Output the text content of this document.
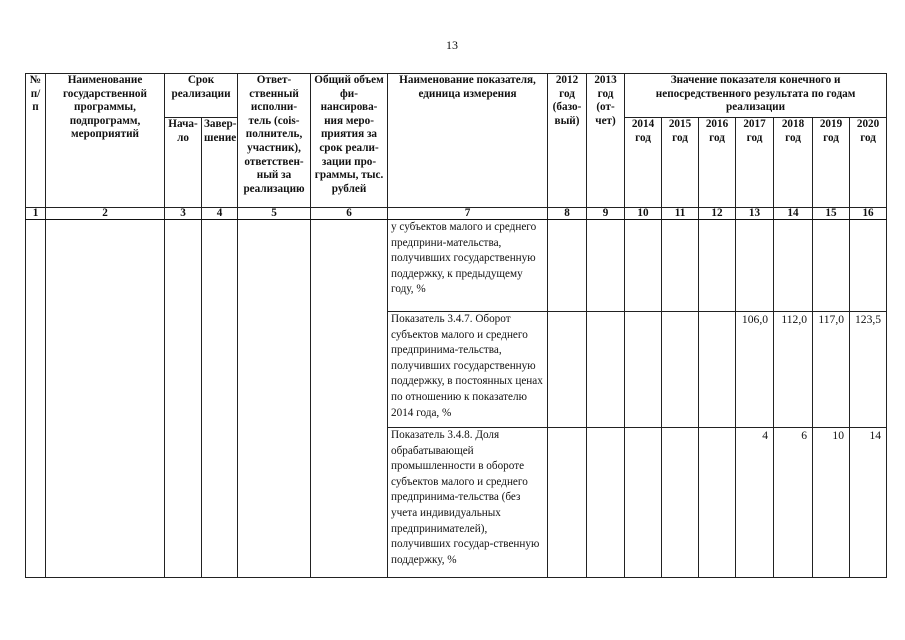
13
№ п/п	Наименование государственной программы, подпрограмм, мероприятий	Срок реализации		Ответ-ственный исполни-тель (сois-полнитель, участник), ответствен-ный за реализацию	Общий объем фи-нансирова-ния меро-приятия за срок реали-зации про-граммы, тыс. рублей	Наименование показателя, единица измерения	2012 год (базо-вый)	2013 год (от-чет)	Значение показателя конечного и непосредственного результата по годам реализации						
		Нача-ло	Завер-шение						2014 год	2015 год	2016 год	2017 год	2018 год	2019 год	2020 год
1	2	3	4	5	6	7	8	9	10	11	12	13	14	15	16
						у субъектов малого и среднего предприни-мательства, получивших государственную поддержку, к предыдущему году, %									
						Показатель 3.4.7. Оборот субъектов малого и среднего предпринима-тельства, получивших государственную поддержку, в постоянных ценах по отношению к показателю 2014 года, %						106,0	112,0	117,0	123,5
						Показатель 3.4.8. Доля обрабатывающей промышленности в обороте субъектов малого и среднего предпринима-тельства (без учета индивидуальных предпринимателей), получивших государ-ственную поддержку, %						4	6	10	14
